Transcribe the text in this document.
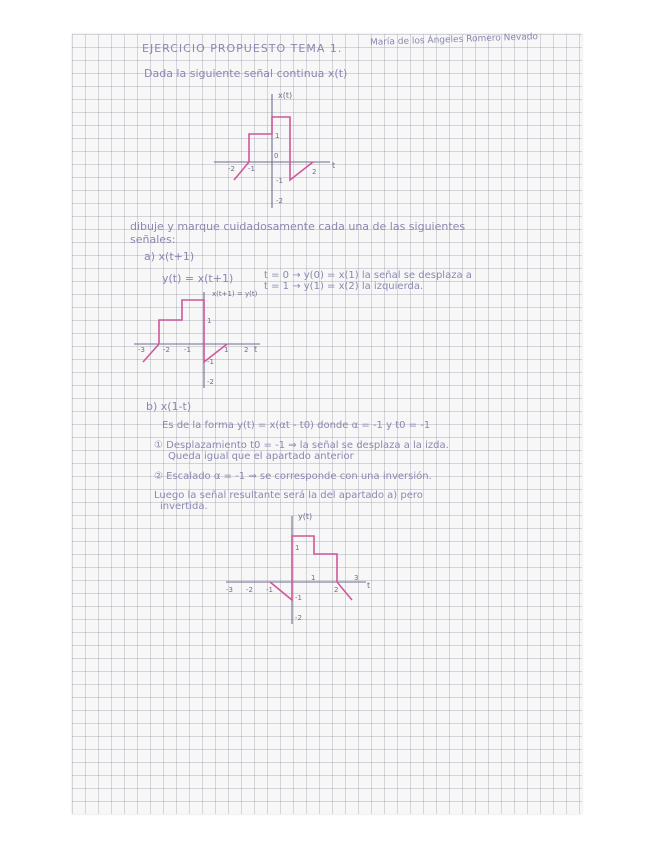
EJERCICIO PROPUESTO TEMA 1.
María de los Ángeles Romero Nevado
Dada la siguiente señal continua x(t)
x(t)
t
-2 -1
0
2
1
-1
-2
dibuje y marque cuidadosamente cada una de las siguientes
señales:
a) x(t+1)
y(t) = x(t+1)	t = 0 → y(0) = x(1) la señal se desplaza a
t = 1 → y(1) = x(2) la izquierda.
x(t+1) = y(t)
t
-3	-2 -1	1 2
1
-1
-2
b) x(1-t)
Es de la forma y(t) = x(αt - t0) donde α = -1 y t0 = -1
① Desplazamiento t0 = -1 ⇒ la señal se desplaza a la izda.
Queda igual que el apartado anterior
② Escalado α = -1 ⇒ se corresponde con una inversión.
Luego la señal resultante será la del apartado a) pero
invertida.
y(t)
t
-3 -2 -1
1
2
3
1
-1
-2
